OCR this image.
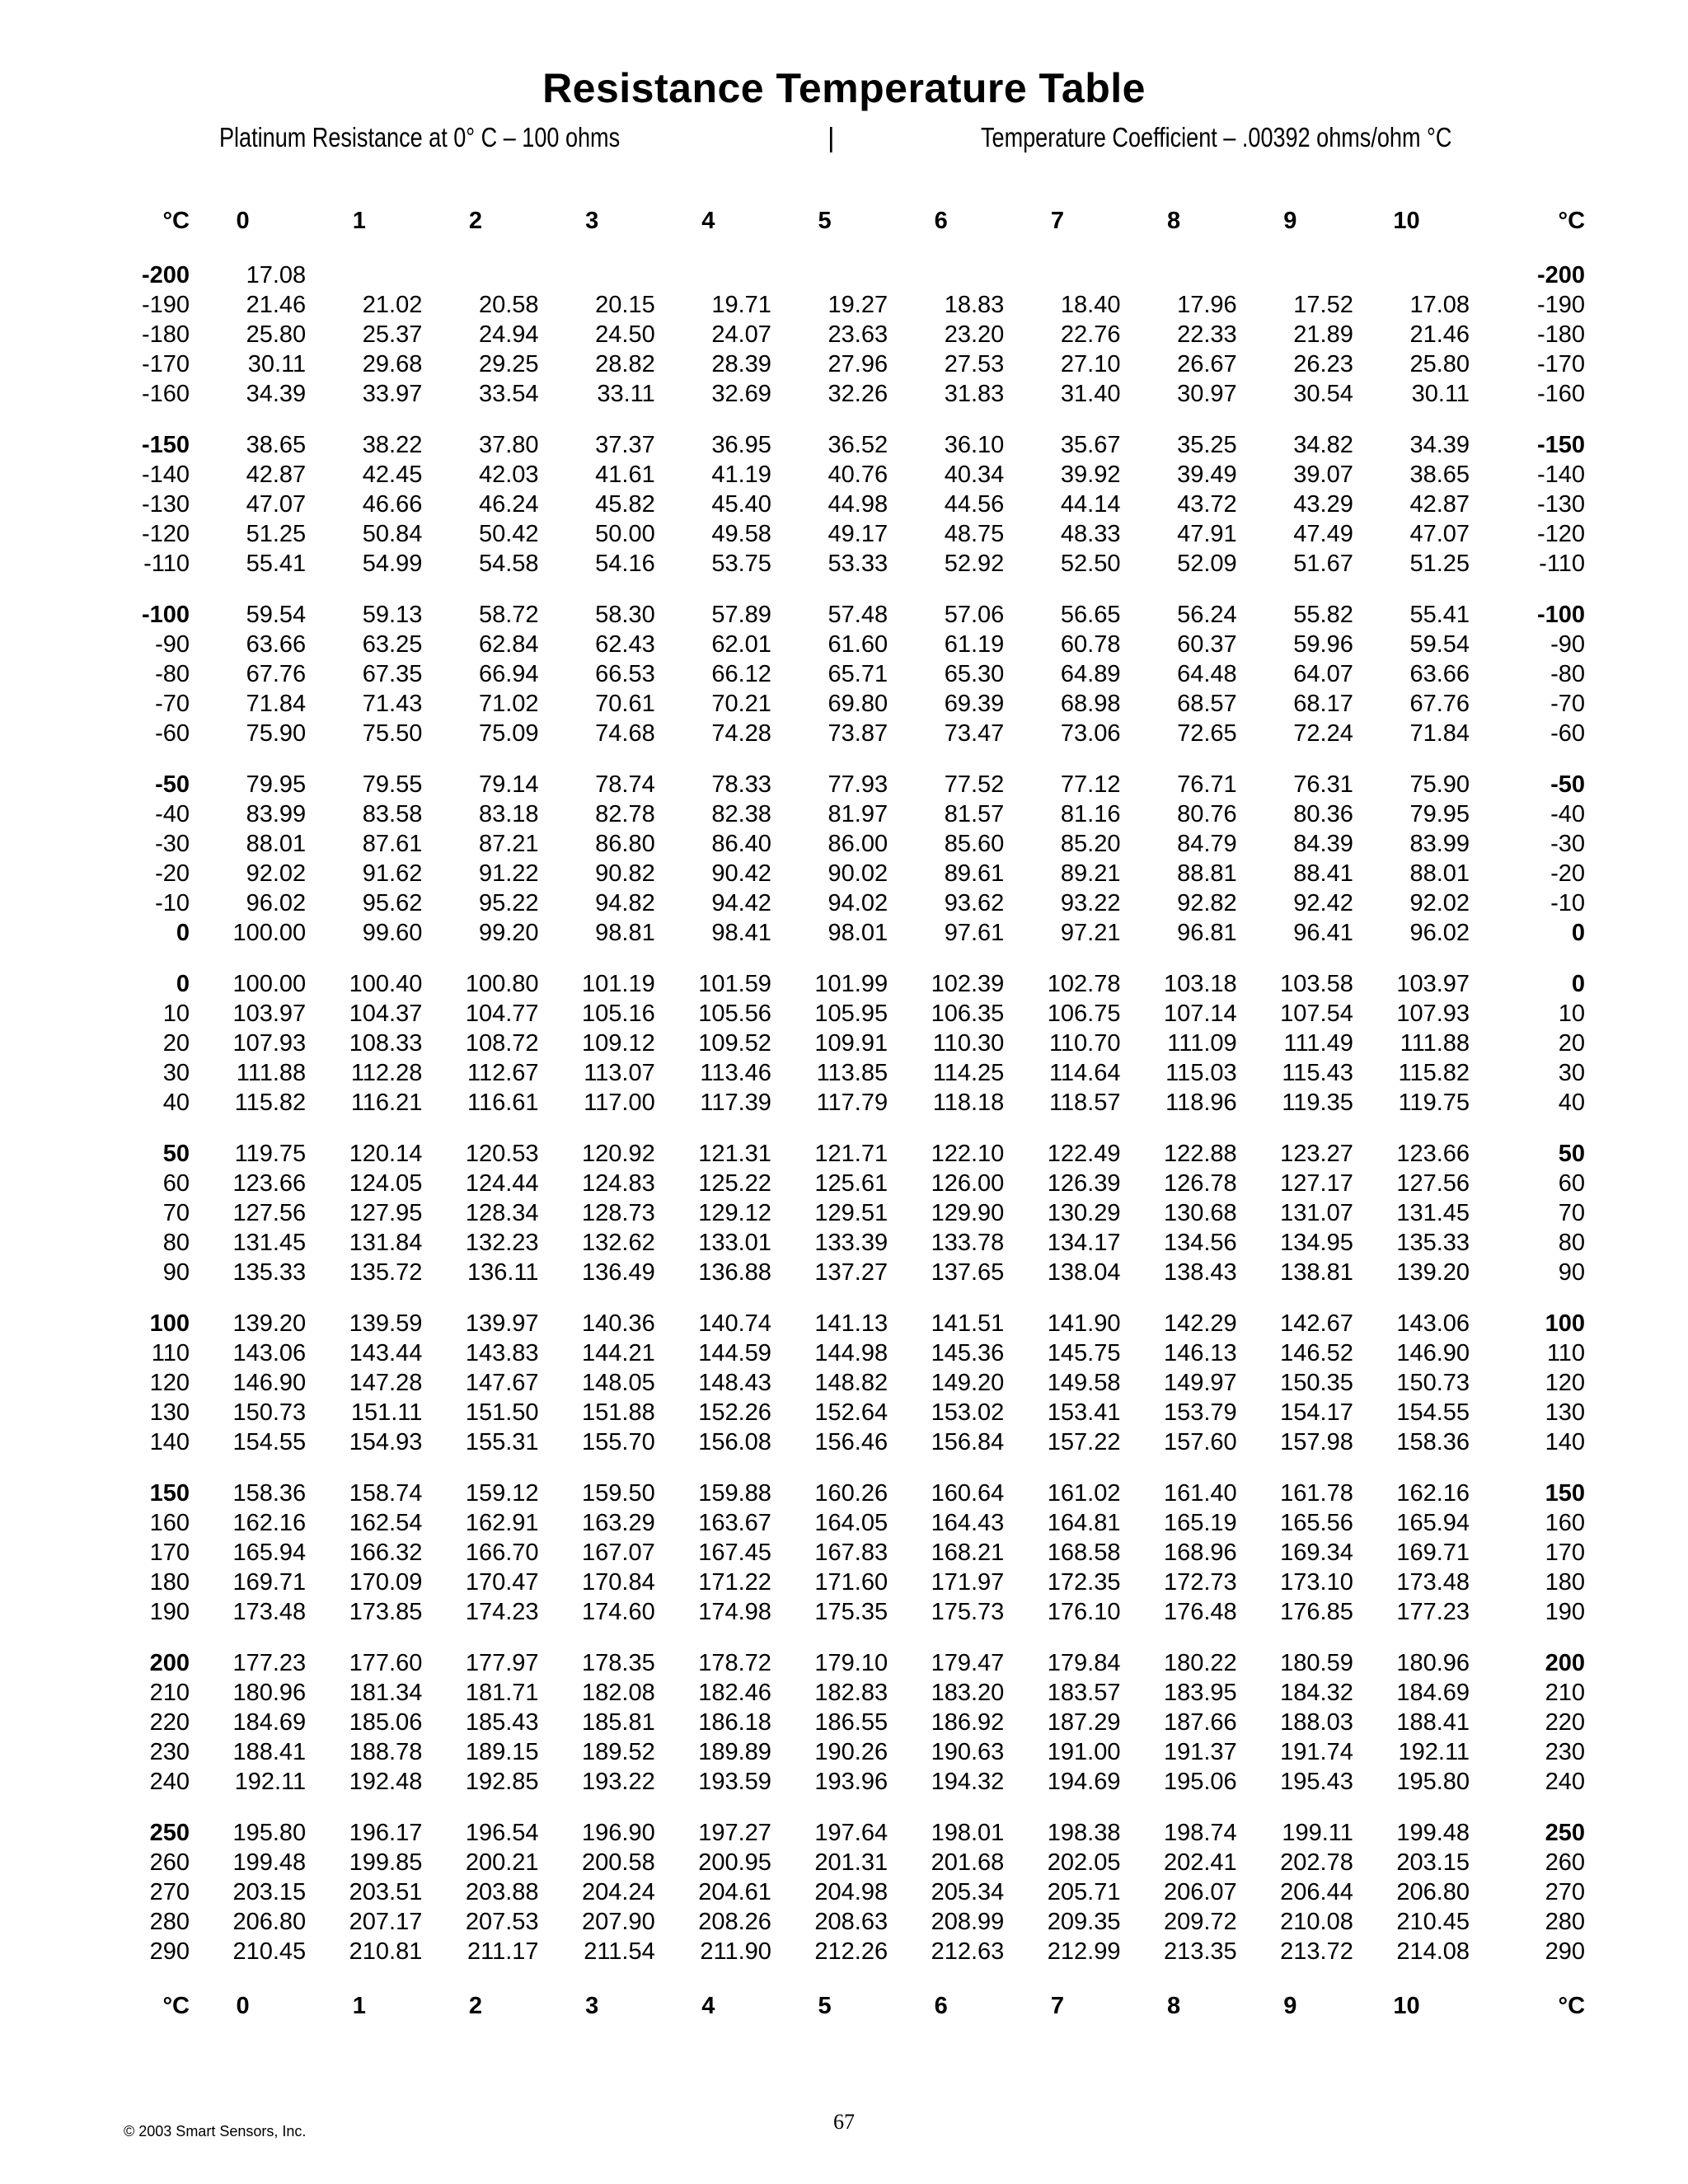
Resistance Temperature Table
Platinum Resistance at 0° C – 100 ohms	|	Temperature Coefficient – .00392 ohms/ohm °C
°C	0	1	2	3	4	5	6	7	8	9	10	°C

-200	17.08											-200
-190	21.46	21.02	20.58	20.15	19.71	19.27	18.83	18.40	17.96	17.52	17.08	-190
-180	25.80	25.37	24.94	24.50	24.07	23.63	23.20	22.76	22.33	21.89	21.46	-180
-170	30.11	29.68	29.25	28.82	28.39	27.96	27.53	27.10	26.67	26.23	25.80	-170
-160	34.39	33.97	33.54	33.11	32.69	32.26	31.83	31.40	30.97	30.54	30.11	-160

-150	38.65	38.22	37.80	37.37	36.95	36.52	36.10	35.67	35.25	34.82	34.39	-150
-140	42.87	42.45	42.03	41.61	41.19	40.76	40.34	39.92	39.49	39.07	38.65	-140
-130	47.07	46.66	46.24	45.82	45.40	44.98	44.56	44.14	43.72	43.29	42.87	-130
-120	51.25	50.84	50.42	50.00	49.58	49.17	48.75	48.33	47.91	47.49	47.07	-120
-110	55.41	54.99	54.58	54.16	53.75	53.33	52.92	52.50	52.09	51.67	51.25	-110

-100	59.54	59.13	58.72	58.30	57.89	57.48	57.06	56.65	56.24	55.82	55.41	-100
-90	63.66	63.25	62.84	62.43	62.01	61.60	61.19	60.78	60.37	59.96	59.54	-90
-80	67.76	67.35	66.94	66.53	66.12	65.71	65.30	64.89	64.48	64.07	63.66	-80
-70	71.84	71.43	71.02	70.61	70.21	69.80	69.39	68.98	68.57	68.17	67.76	-70
-60	75.90	75.50	75.09	74.68	74.28	73.87	73.47	73.06	72.65	72.24	71.84	-60

-50	79.95	79.55	79.14	78.74	78.33	77.93	77.52	77.12	76.71	76.31	75.90	-50
-40	83.99	83.58	83.18	82.78	82.38	81.97	81.57	81.16	80.76	80.36	79.95	-40
-30	88.01	87.61	87.21	86.80	86.40	86.00	85.60	85.20	84.79	84.39	83.99	-30
-20	92.02	91.62	91.22	90.82	90.42	90.02	89.61	89.21	88.81	88.41	88.01	-20
-10	96.02	95.62	95.22	94.82	94.42	94.02	93.62	93.22	92.82	92.42	92.02	-10
0	100.00	99.60	99.20	98.81	98.41	98.01	97.61	97.21	96.81	96.41	96.02	0

0	100.00	100.40	100.80	101.19	101.59	101.99	102.39	102.78	103.18	103.58	103.97	0
10	103.97	104.37	104.77	105.16	105.56	105.95	106.35	106.75	107.14	107.54	107.93	10
20	107.93	108.33	108.72	109.12	109.52	109.91	110.30	110.70	111.09	111.49	111.88	20
30	111.88	112.28	112.67	113.07	113.46	113.85	114.25	114.64	115.03	115.43	115.82	30
40	115.82	116.21	116.61	117.00	117.39	117.79	118.18	118.57	118.96	119.35	119.75	40

50	119.75	120.14	120.53	120.92	121.31	121.71	122.10	122.49	122.88	123.27	123.66	50
60	123.66	124.05	124.44	124.83	125.22	125.61	126.00	126.39	126.78	127.17	127.56	60
70	127.56	127.95	128.34	128.73	129.12	129.51	129.90	130.29	130.68	131.07	131.45	70
80	131.45	131.84	132.23	132.62	133.01	133.39	133.78	134.17	134.56	134.95	135.33	80
90	135.33	135.72	136.11	136.49	136.88	137.27	137.65	138.04	138.43	138.81	139.20	90

100	139.20	139.59	139.97	140.36	140.74	141.13	141.51	141.90	142.29	142.67	143.06	100
110	143.06	143.44	143.83	144.21	144.59	144.98	145.36	145.75	146.13	146.52	146.90	110
120	146.90	147.28	147.67	148.05	148.43	148.82	149.20	149.58	149.97	150.35	150.73	120
130	150.73	151.11	151.50	151.88	152.26	152.64	153.02	153.41	153.79	154.17	154.55	130
140	154.55	154.93	155.31	155.70	156.08	156.46	156.84	157.22	157.60	157.98	158.36	140

150	158.36	158.74	159.12	159.50	159.88	160.26	160.64	161.02	161.40	161.78	162.16	150
160	162.16	162.54	162.91	163.29	163.67	164.05	164.43	164.81	165.19	165.56	165.94	160
170	165.94	166.32	166.70	167.07	167.45	167.83	168.21	168.58	168.96	169.34	169.71	170
180	169.71	170.09	170.47	170.84	171.22	171.60	171.97	172.35	172.73	173.10	173.48	180
190	173.48	173.85	174.23	174.60	174.98	175.35	175.73	176.10	176.48	176.85	177.23	190

200	177.23	177.60	177.97	178.35	178.72	179.10	179.47	179.84	180.22	180.59	180.96	200
210	180.96	181.34	181.71	182.08	182.46	182.83	183.20	183.57	183.95	184.32	184.69	210
220	184.69	185.06	185.43	185.81	186.18	186.55	186.92	187.29	187.66	188.03	188.41	220
230	188.41	188.78	189.15	189.52	189.89	190.26	190.63	191.00	191.37	191.74	192.11	230
240	192.11	192.48	192.85	193.22	193.59	193.96	194.32	194.69	195.06	195.43	195.80	240

250	195.80	196.17	196.54	196.90	197.27	197.64	198.01	198.38	198.74	199.11	199.48	250
260	199.48	199.85	200.21	200.58	200.95	201.31	201.68	202.05	202.41	202.78	203.15	260
270	203.15	203.51	203.88	204.24	204.61	204.98	205.34	205.71	206.07	206.44	206.80	270
280	206.80	207.17	207.53	207.90	208.26	208.63	208.99	209.35	209.72	210.08	210.45	280
290	210.45	210.81	211.17	211.54	211.90	212.26	212.63	212.99	213.35	213.72	214.08	290

°C	0	1	2	3	4	5	6	7	8	9	10	°C
© 2003 Smart Sensors, Inc.	67
